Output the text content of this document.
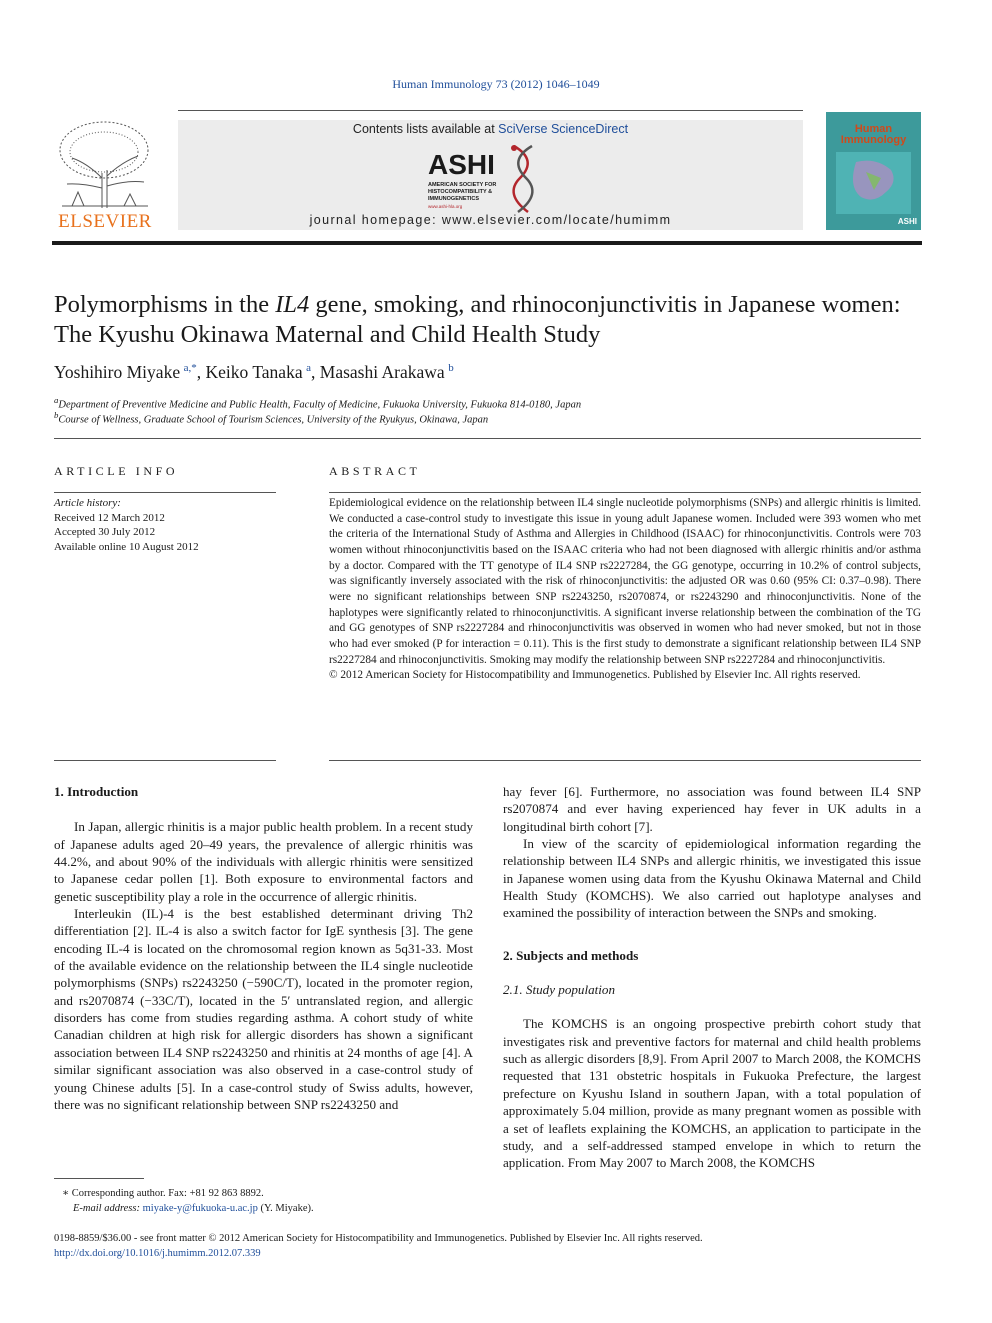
Human Immunology 73 (2012) 1046–1049
ELSEVIER
Contents lists available at SciVerse ScienceDirect
ASHI
AMERICAN SOCIETY FOR
HISTOCOMPATIBILITY &
IMMUNOGENETICS
www.ashi-hla.org
journal homepage: www.elsevier.com/locate/humimm
Human
Immunology
ASHI
Polymorphisms in the IL4 gene, smoking, and rhinoconjunctivitis in Japanese women: The Kyushu Okinawa Maternal and Child Health Study
Yoshihiro Miyake  $^{a,*}$, Keiko Tanaka  $^a$, Masashi Arakawa  $^b$
$^a$Department of Preventive Medicine and Public Health, Faculty of Medicine, Fukuoka University, Fukuoka 814-0180, Japan
$^b$Course of Wellness, Graduate School of Tourism Sciences, University of the Ryukyus, Okinawa, Japan
ARTICLE INFO
Article history:
Received 12 March 2012
Accepted 30 July 2012
Available online 10 August 2012
ABSTRACT
Epidemiological evidence on the relationship between IL4 single nucleotide polymorphisms (SNPs) and allergic rhinitis is limited. We conducted a case-control study to investigate this issue in young adult Japanese women. Included were 393 women who met the criteria of the International Study of Asthma and Allergies in Childhood (ISAAC) for rhinoconjunctivitis. Controls were 703 women without rhinoconjunctivitis based on the ISAAC criteria who had not been diagnosed with allergic rhinitis and/or asthma by a doctor. Compared with the TT genotype of IL4 SNP rs2227284, the GG genotype, occurring in 10.2% of control subjects, was significantly inversely associated with the risk of rhinoconjunctivitis: the adjusted OR was 0.60 (95% CI: 0.37–0.98). There were no significant relationships between SNP rs2243250, rs2070874, or rs2243290 and rhinoconjunctivitis. None of the haplotypes were significantly related to rhinoconjunctivitis. A significant inverse relationship between the combination of the TG and GG genotypes of SNP rs2227284 and rhinoconjunctivitis was observed in women who had never smoked, but not in those who had ever smoked (P for interaction = 0.11). This is the first study to demonstrate a significant relationship between IL4 SNP rs2227284 and rhinoconjunctivitis. Smoking may modify the relationship between SNP rs2227284 and rhinoconjunctivitis.
© 2012 American Society for Histocompatibility and Immunogenetics. Published by Elsevier Inc. All rights reserved.
1. Introduction

In Japan, allergic rhinitis is a major public health problem. In a recent study of Japanese adults aged 20–49 years, the prevalence of allergic rhinitis was 44.2%, and about 90% of the individuals with allergic rhinitis were sensitized to Japanese cedar pollen [1]. Both exposure to environmental factors and genetic susceptibility play a role in the occurrence of allergic rhinitis.

Interleukin (IL)-4 is the best established determinant driving Th2 differentiation [2]. IL-4 is also a switch factor for IgE synthesis [3]. The gene encoding IL-4 is located on the chromosomal region known as 5q31-33. Most of the available evidence on the relationship between the IL4 single nucleotide polymorphisms (SNPs) rs2243250 (−590C/T), located in the promoter region, and rs2070874 (−33C/T), located in the 5′ untranslated region, and allergic disorders has come from studies regarding asthma. A cohort study of white Canadian children at high risk for allergic disorders has shown a significant association between IL4 SNP rs2243250 and rhinitis at 24 months of age [4]. A similar significant association was also observed in a case-control study of young Chinese adults [5]. In a case-control study of Swiss adults, however, there was no significant relationship between SNP rs2243250 and

hay fever [6]. Furthermore, no association was found between IL4 SNP rs2070874 and ever having experienced hay fever in UK adults in a longitudinal birth cohort [7].

In view of the scarcity of epidemiological information regarding the relationship between IL4 SNPs and allergic rhinitis, we investigated this issue in Japanese women using data from the Kyushu Okinawa Maternal and Child Health Study (KOMCHS). We also carried out haplotype analyses and examined the possibility of interaction between the SNPs and smoking.

2. Subjects and methods
2.1. Study population

The KOMCHS is an ongoing prospective prebirth cohort study that investigates risk and preventive factors for maternal and child health problems such as allergic disorders [8,9]. From April 2007 to March 2008, the KOMCHS requested that 131 obstetric hospitals in Fukuoka Prefecture, the largest prefecture on Kyushu Island in southern Japan, with a total population of approximately 5.04 million, provide as many pregnant women as possible with a set of leaflets explaining the KOMCHS, an application to participate in the study, and a self-addressed stamped envelope in which to return the application. From May 2007 to March 2008, the KOMCHS

∗ Corresponding author. Fax: +81 92 863 8892.
E-mail address: miyake-y@fukuoka-u.ac.jp (Y. Miyake).
0198-8859/$36.00 - see front matter © 2012 American Society for Histocompatibility and Immunogenetics. Published by Elsevier Inc. All rights reserved.
http://dx.doi.org/10.1016/j.humimm.2012.07.339
